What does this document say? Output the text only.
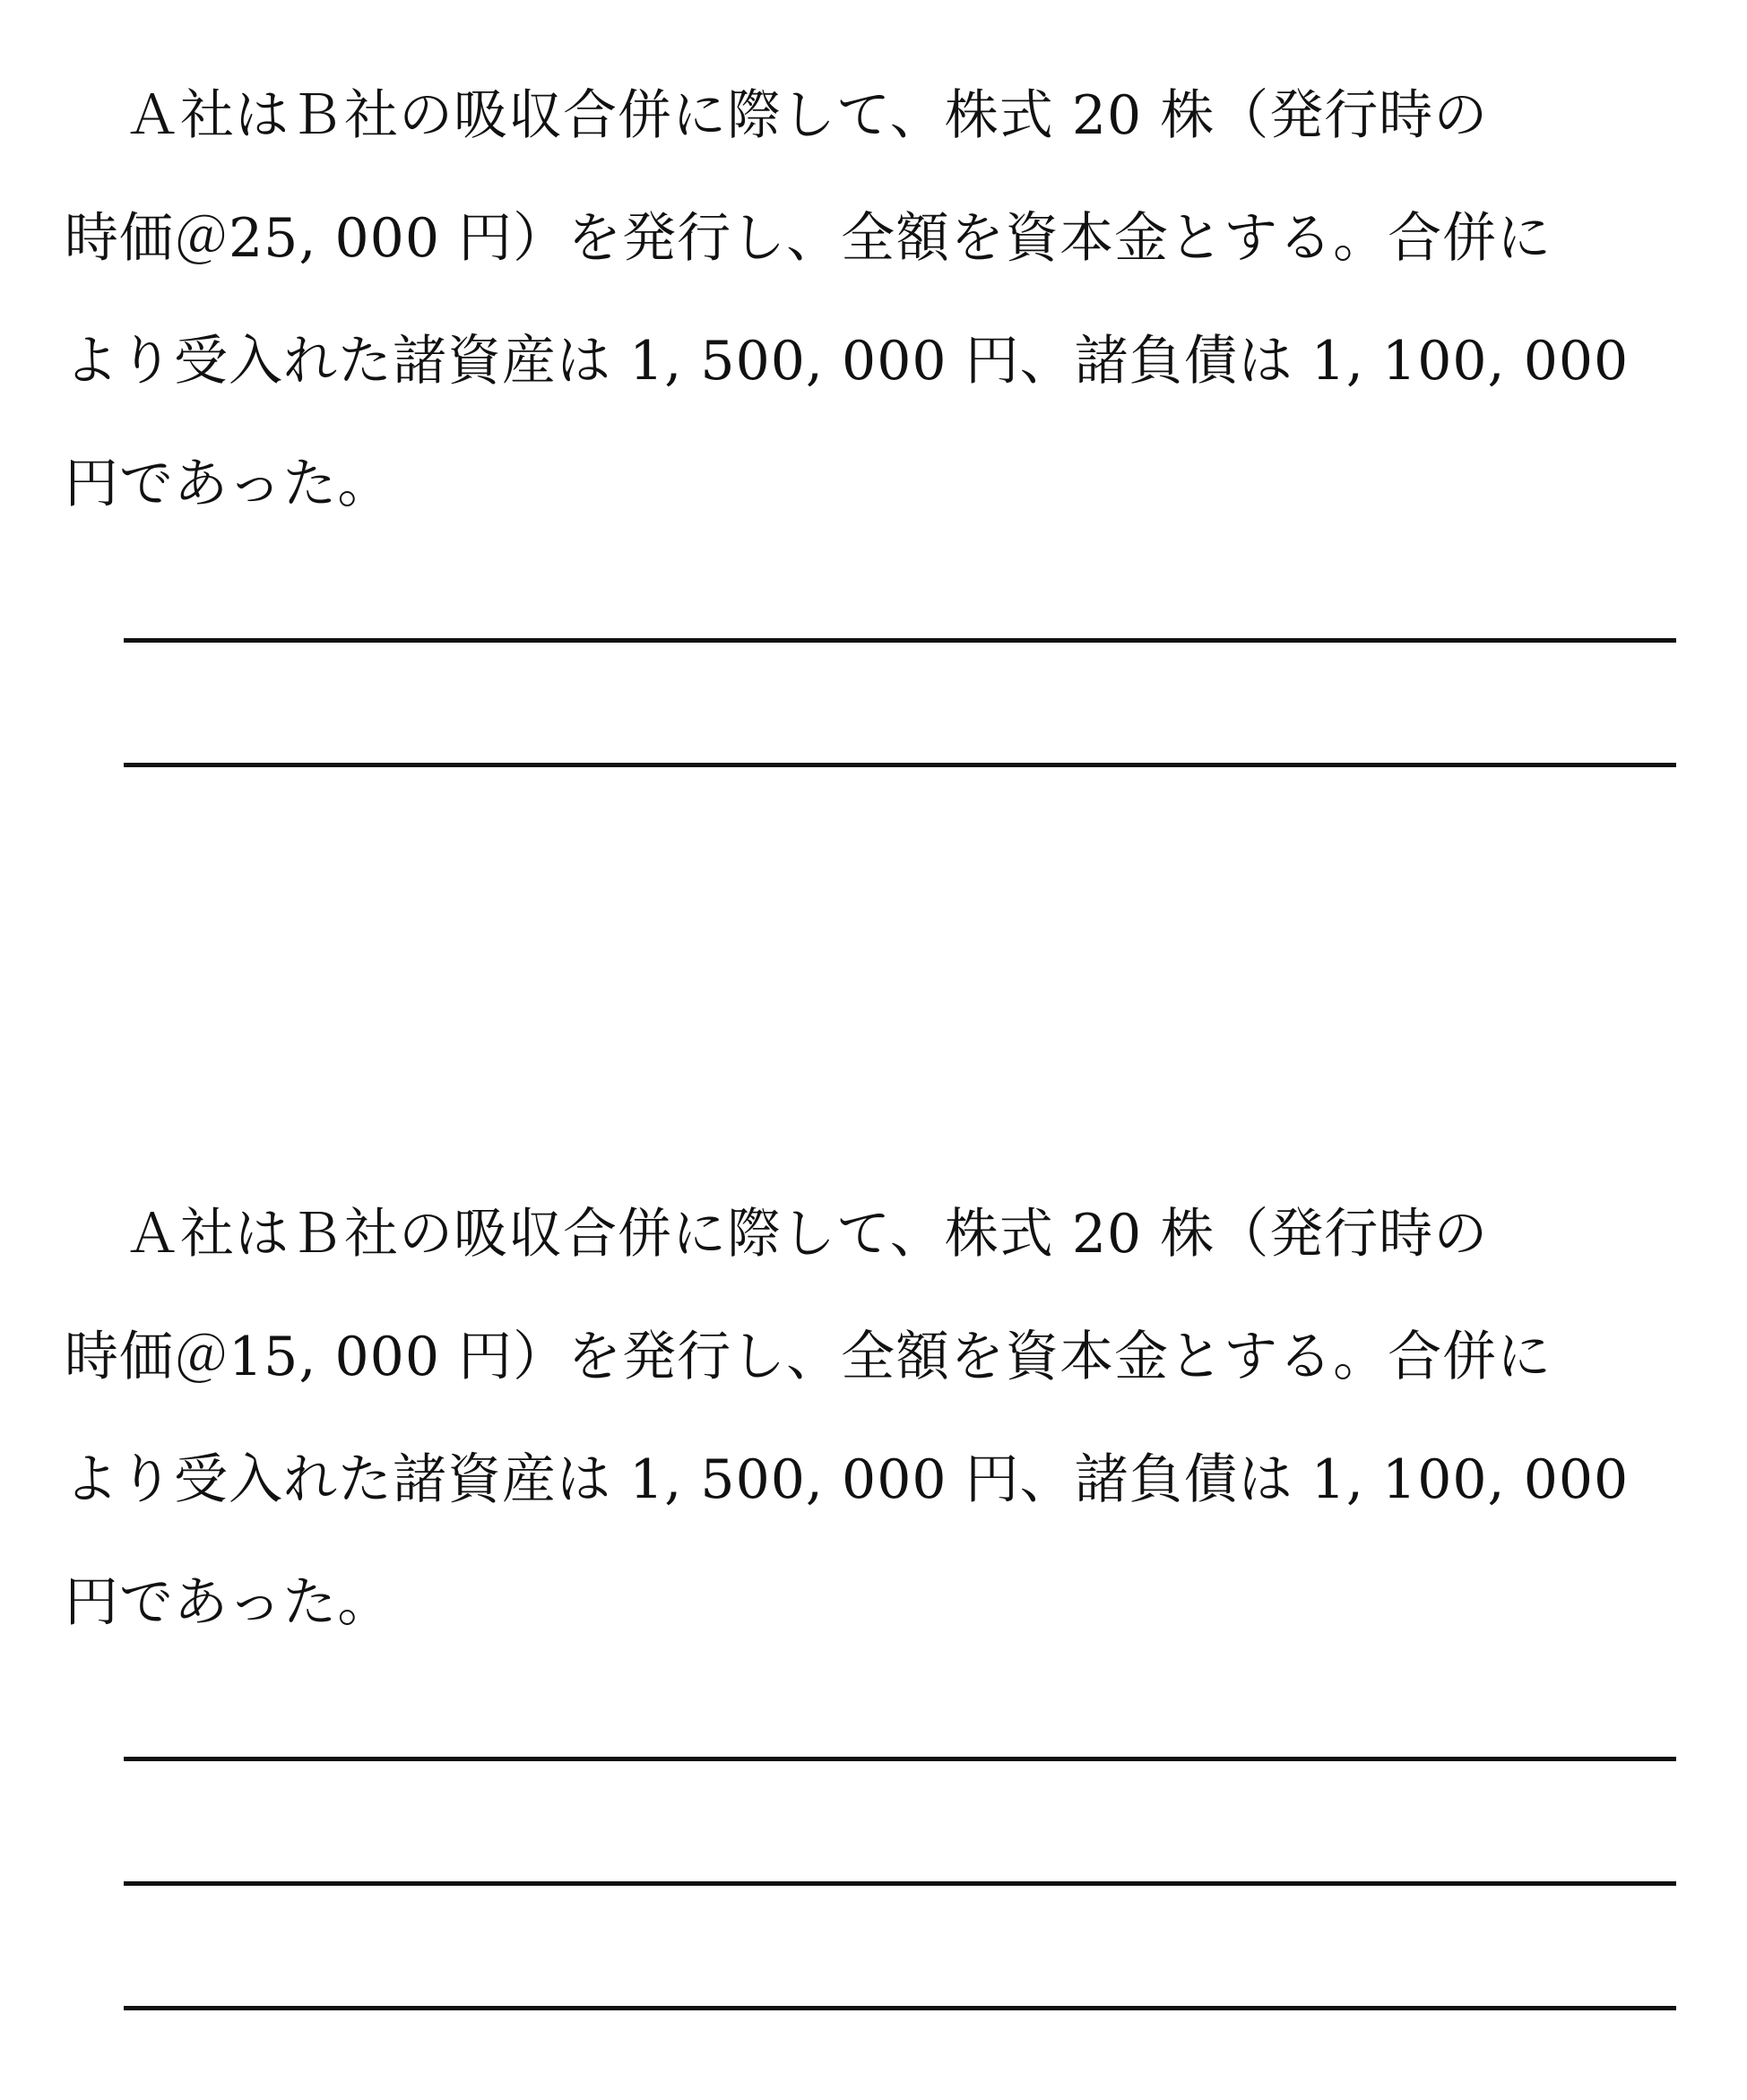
Ａ社はＢ社の吸収合併に際して、株式 20 株（発行時の
時価＠25, 000 円）を発行し、全額を資本金とする。合併に
より受入れた諸資産は 1, 500, 000 円、諸負債は 1, 100, 000
円であった。
Ａ社はＢ社の吸収合併に際して、株式 20 株（発行時の
時価＠15, 000 円）を発行し、全額を資本金とする。合併に
より受入れた諸資産は 1, 500, 000 円、諸負債は 1, 100, 000
円であった。
